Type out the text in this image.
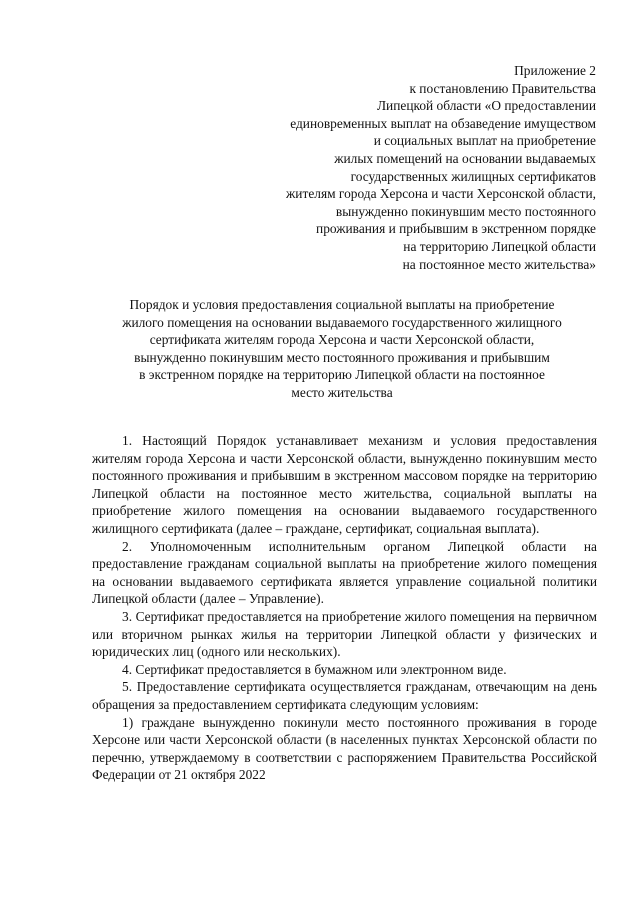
Приложение 2
к постановлению Правительства
Липецкой области «О предоставлении
единовременных выплат на обзаведение имуществом
и социальных выплат на приобретение
жилых помещений на основании выдаваемых
государственных жилищных сертификатов
жителям города Херсона и части Херсонской области,
вынужденно покинувшим место постоянного
проживания и прибывшим в экстренном порядке
на территорию Липецкой области
на постоянное место жительства»
Порядок и условия предоставления социальной выплаты на приобретение
жилого помещения на основании выдаваемого государственного жилищного
сертификата жителям города Херсона и части Херсонской области,
вынужденно покинувшим место постоянного проживания и прибывшим
в экстренном порядке на территорию Липецкой области на постоянное
место жительства

1. Настоящий Порядок устанавливает механизм и условия предоставления жителям города Херсона и части Херсонской области, вынужденно покинувшим место постоянного проживания и прибывшим в экстренном массовом порядке на территорию Липецкой области на постоянное место жительства, социальной выплаты на приобретение жилого помещения на основании выдаваемого государственного жилищного сертификата (далее – граждане, сертификат, социальная выплата).

2. Уполномоченным исполнительным органом Липецкой области на предоставление гражданам социальной выплаты на приобретение жилого помещения на основании выдаваемого сертификата является управление социальной политики Липецкой области (далее – Управление).

3. Сертификат предоставляется на приобретение жилого помещения на первичном или вторичном рынках жилья на территории Липецкой области у физических и юридических лиц (одного или нескольких).

4. Сертификат предоставляется в бумажном или электронном виде.

5. Предоставление сертификата осуществляется гражданам, отвечающим на день обращения за предоставлением сертификата следующим условиям:

1) граждане вынужденно покинули место постоянного проживания в городе Херсоне или части Херсонской области (в населенных пунктах Херсонской области по перечню, утверждаемому в соответствии с распоряжением Правительства Российской Федерации от 21 октября 2022
